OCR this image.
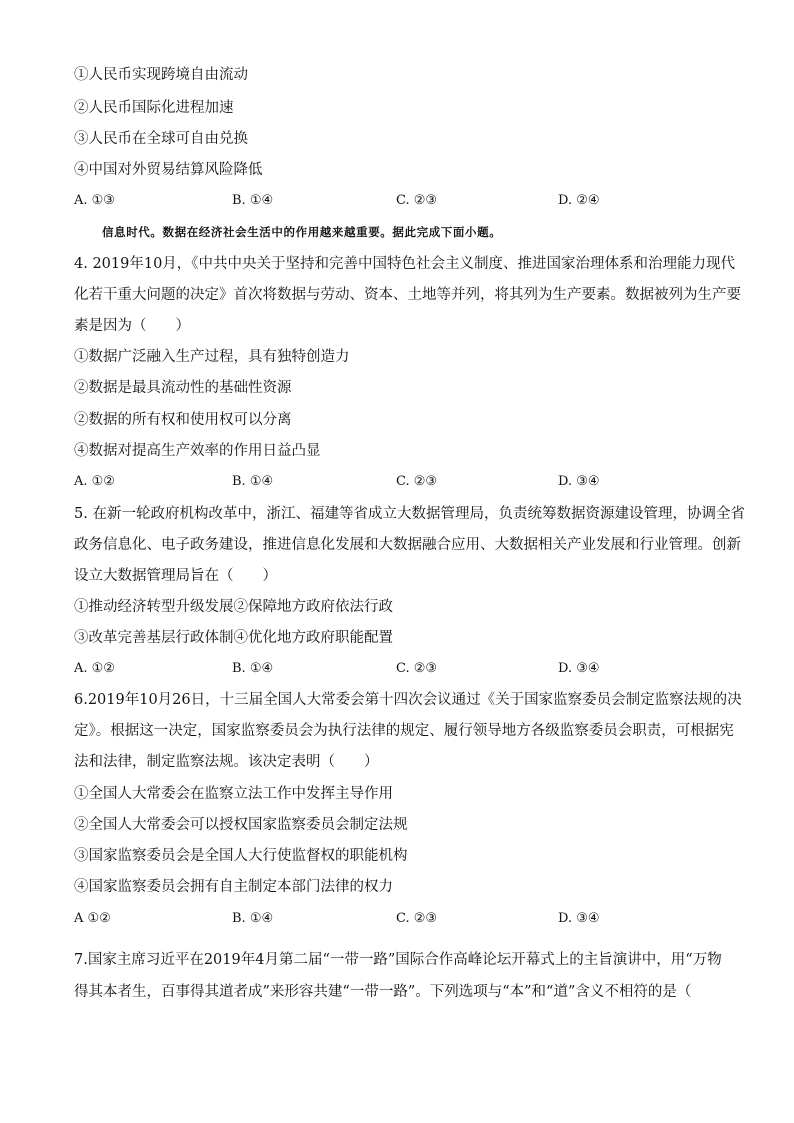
①人民币实现跨境自由流动
②人民币国际化进程加速
③人民币在全球可自由兑换
④中国对外贸易结算风险降低
A. ①③	B. ①④	C. ②③	D. ②④
信息时代。数据在经济社会生活中的作用越来越重要。据此完成下面小题。
4. 2019年10月，《中共中央关于坚持和完善中国特色社会主义制度、推进国家治理体系和治理能力现代
化若干重大问题的决定》首次将数据与劳动、资本、土地等并列，将其列为生产要素。数据被列为生产要
素是因为（　　）
①数据广泛融入生产过程，具有独特创造力
②数据是最具流动性的基础性资源
②数据的所有权和使用权可以分离
④数据对提高生产效率的作用日益凸显
A. ①②	B. ①④	C. ②③	D. ③④
5. 在新一轮政府机构改革中，浙江、福建等省成立大数据管理局，负责统筹数据资源建设管理，协调全省
政务信息化、电子政务建设，推进信息化发展和大数据融合应用、大数据相关产业发展和行业管理。创新
设立大数据管理局旨在（　　）
①推动经济转型升级发展②保障地方政府依法行政
③改革完善基层行政体制④优化地方政府职能配置
A. ①②	B. ①④	C. ②③	D. ③④
6.2019年10月26日，十三届全国人大常委会第十四次会议通过《关于国家监察委员会制定监察法规的决
定》。根据这一决定，国家监察委员会为执行法律的规定、履行领导地方各级监察委员会职责，可根据宪
法和法律，制定监察法规。该决定表明（　　）
①全国人大常委会在监察立法工作中发挥主导作用
②全国人大常委会可以授权国家监察委员会制定法规
③国家监察委员会是全国人大行使监督权的职能机构
④国家监察委员会拥有自主制定本部门法律的权力
A ①②	B. ①④	C. ②③	D. ③④
7.国家主席习近平在2019年4月第二届“一带一路”国际合作高峰论坛开幕式上的主旨演讲中，用“万物
得其本者生，百事得其道者成”来形容共建“一带一路”。下列选项与“本”和“道”含义不相符的是（
